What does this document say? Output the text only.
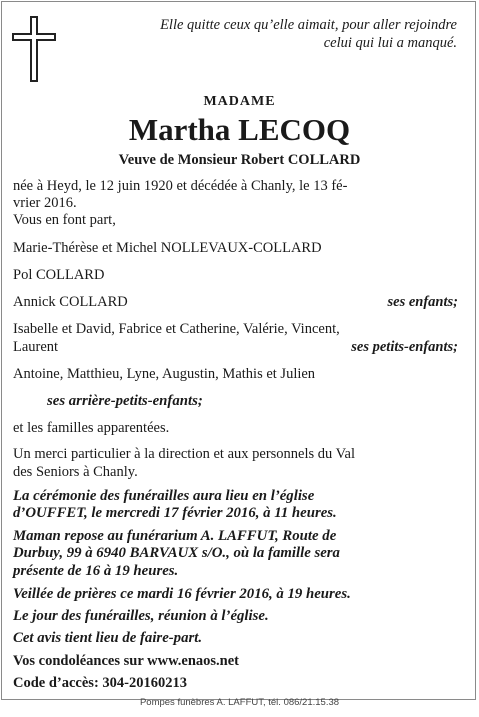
Elle quitte ceux qu’elle aimait, pour aller rejoindre
celui qui lui a manqué.
MADAME
Martha LECOQ
Veuve de Monsieur Robert COLLARD
née à Heyd, le 12 juin 1920 et décédée à Chanly, le 13 fé-
vrier 2016.
Vous en font part,
Marie-Thérèse et Michel NOLLEVAUX-COLLARD
Pol COLLARD
Annick COLLARD	ses enfants;
Isabelle et David, Fabrice et Catherine, Valérie, Vincent,
Laurent	ses petits-enfants;
Antoine, Matthieu, Lyne, Augustin, Mathis et Julien
ses arrière-petits-enfants;
et les familles apparentées.
Un merci particulier à la direction et aux personnels du Val
des Seniors à Chanly.
La cérémonie des funérailles aura lieu en l’église
d’OUFFET, le mercredi 17 février 2016, à 11 heures.
Maman repose au funérarium A. LAFFUT, Route de
Durbuy, 99 à 6940 BARVAUX s/O., où la famille sera
présente de 16 à 19 heures.
Veillée de prières ce mardi 16 février 2016, à 19 heures.
Le jour des funérailles, réunion à l’église.
Cet avis tient lieu de faire-part.
Vos condoléances sur www.enaos.net
Code d’accès: 304-20160213
Pompes funèbres A. LAFFUT, tél. 086/21.15.38
